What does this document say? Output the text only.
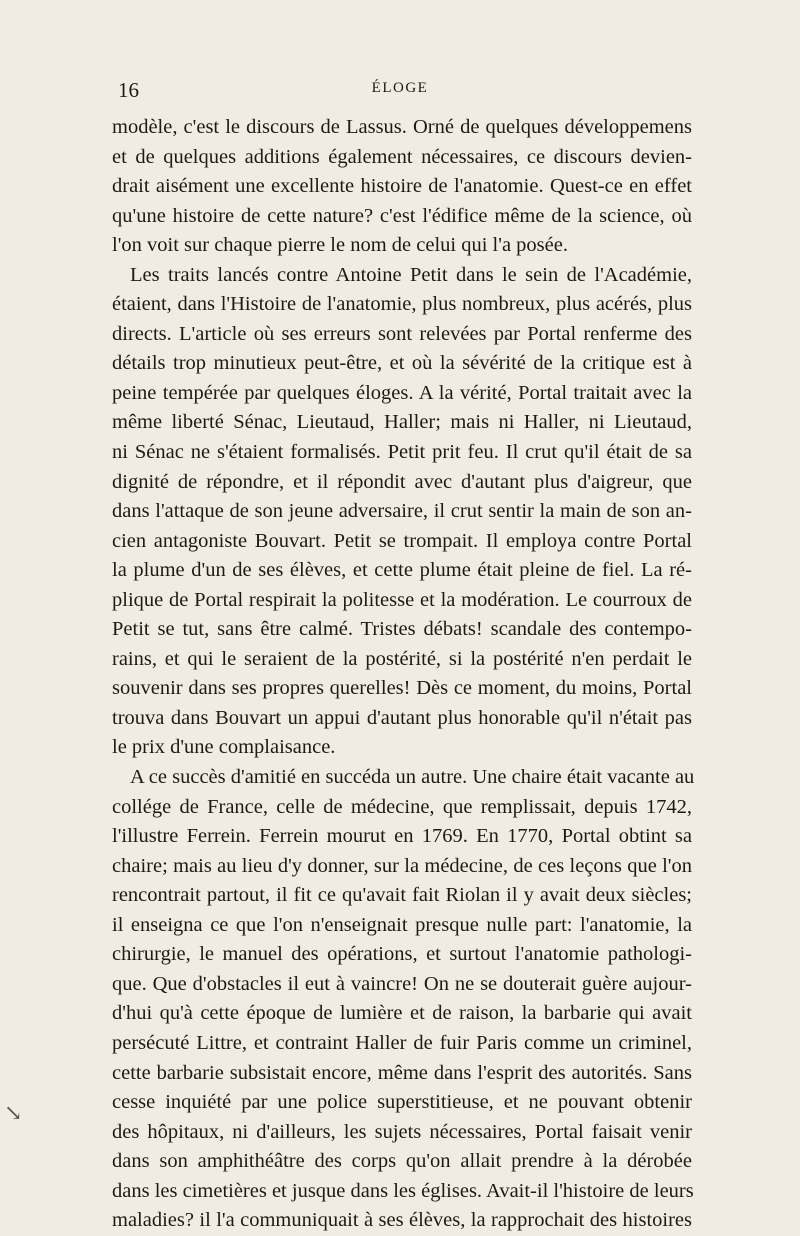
16	ÉLOGE
modèle, c'est le discours de Lassus. Orné de quelques développemens
et de quelques additions également nécessaires, ce discours devien-
drait aisément une excellente histoire de l'anatomie. Quest-ce en effet
qu'une histoire de cette nature? c'est l'édifice même de la science, où
l'on voit sur chaque pierre le nom de celui qui l'a posée.
Les traits lancés contre Antoine Petit dans le sein de l'Académie,
étaient, dans l'Histoire de l'anatomie, plus nombreux, plus acérés, plus
directs. L'article où ses erreurs sont relevées par Portal renferme des
détails trop minutieux peut-être, et où la sévérité de la critique est à
peine tempérée par quelques éloges. A la vérité, Portal traitait avec la
même liberté Sénac, Lieutaud, Haller; mais ni Haller, ni Lieutaud,
ni Sénac ne s'étaient formalisés. Petit prit feu. Il crut qu'il était de sa
dignité de répondre, et il répondit avec d'autant plus d'aigreur, que
dans l'attaque de son jeune adversaire, il crut sentir la main de son an-
cien antagoniste Bouvart. Petit se trompait. Il employa contre Portal
la plume d'un de ses élèves, et cette plume était pleine de fiel. La ré-
plique de Portal respirait la politesse et la modération. Le courroux de
Petit se tut, sans être calmé. Tristes débats! scandale des contempo-
rains, et qui le seraient de la postérité, si la postérité n'en perdait le
souvenir dans ses propres querelles! Dès ce moment, du moins, Portal
trouva dans Bouvart un appui d'autant plus honorable qu'il n'était pas
le prix d'une complaisance.
A ce succès d'amitié en succéda un autre. Une chaire était vacante au
collége de France, celle de médecine, que remplissait, depuis 1742,
l'illustre Ferrein. Ferrein mourut en 1769. En 1770, Portal obtint sa
chaire; mais au lieu d'y donner, sur la médecine, de ces leçons que l'on
rencontrait partout, il fit ce qu'avait fait Riolan il y avait deux siècles;
il enseigna ce que l'on n'enseignait presque nulle part: l'anatomie, la
chirurgie, le manuel des opérations, et surtout l'anatomie pathologi-
que. Que d'obstacles il eut à vaincre! On ne se douterait guère aujour-
d'hui qu'à cette époque de lumière et de raison, la barbarie qui avait
persécuté Littre, et contraint Haller de fuir Paris comme un criminel,
cette barbarie subsistait encore, même dans l'esprit des autorités. Sans
cesse inquiété par une police superstitieuse, et ne pouvant obtenir
des hôpitaux, ni d'ailleurs, les sujets nécessaires, Portal faisait venir
dans son amphithéâtre des corps qu'on allait prendre à la dérobée
dans les cimetières et jusque dans les églises. Avait-il l'histoire de leurs
maladies? il l'a communiquait à ses élèves, la rapprochait des histoires
↘
